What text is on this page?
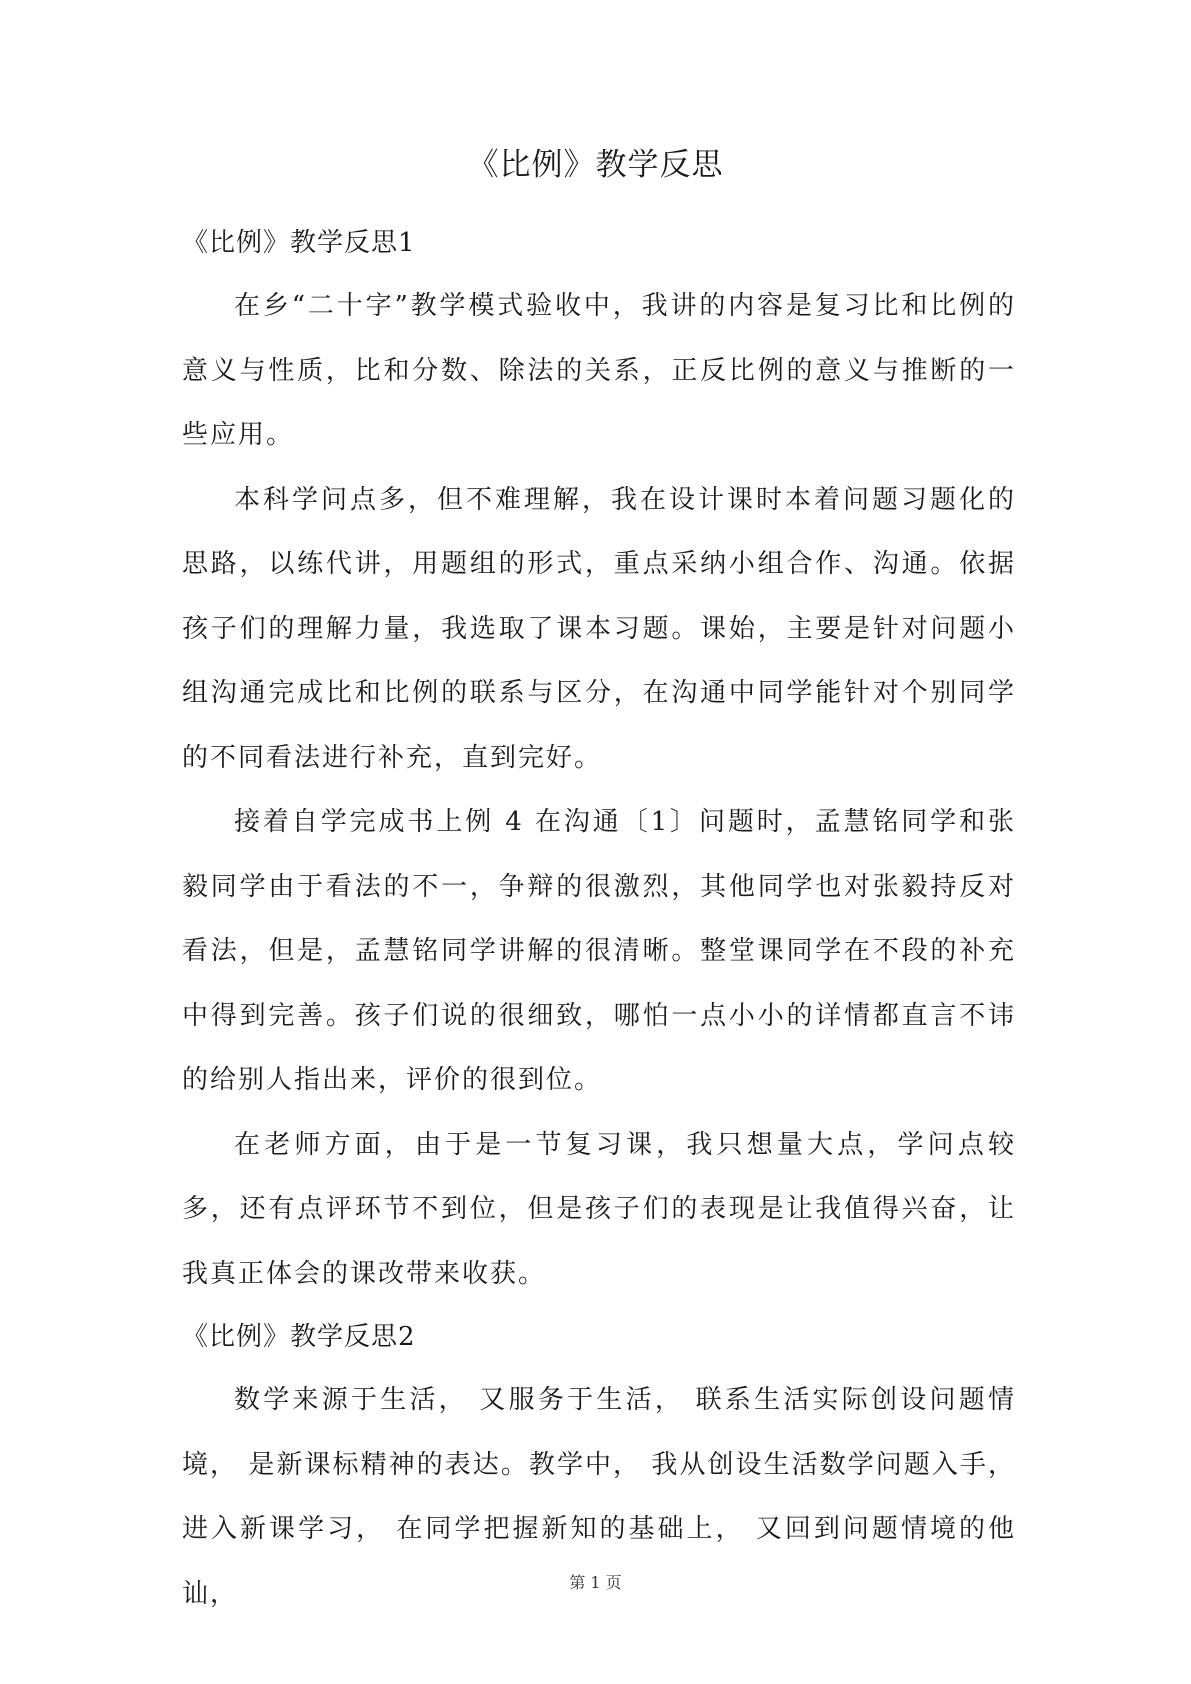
《比例》教学反思

《比例》教学反思1

在乡“二十字”教学模式验收中，我讲的内容是复习比和比例的意义与性质，比和分数、除法的关系，正反比例的意义与推断的一些应用。

本科学问点多，但不难理解，我在设计课时本着问题习题化的思路，以练代讲，用题组的形式，重点采纳小组合作、沟通。依据孩子们的理解力量，我选取了课本习题。课始，主要是针对问题小组沟通完成比和比例的联系与区分，在沟通中同学能针对个别同学的不同看法进行补充，直到完好。

接着自学完成书上例 4 在沟通〔1〕问题时，孟慧铭同学和张毅同学由于看法的不一，争辩的很激烈，其他同学也对张毅持反对看法，但是，孟慧铭同学讲解的很清晰。整堂课同学在不段的补充中得到完善。孩子们说的很细致，哪怕一点小小的详情都直言不讳的给别人指出来，评价的很到位。

在老师方面，由于是一节复习课，我只想量大点，学问点较多，还有点评环节不到位，但是孩子们的表现是让我值得兴奋，让我真正体会的课改带来收获。

《比例》教学反思2

数学来源于生活， 又服务于生活， 联系生活实际创设问题情境， 是新课标精神的表达。教学中， 我从创设生活数学问题入手，进入新课学习， 在同学把握新知的基础上， 又回到问题情境的他讪，	第 1 页
